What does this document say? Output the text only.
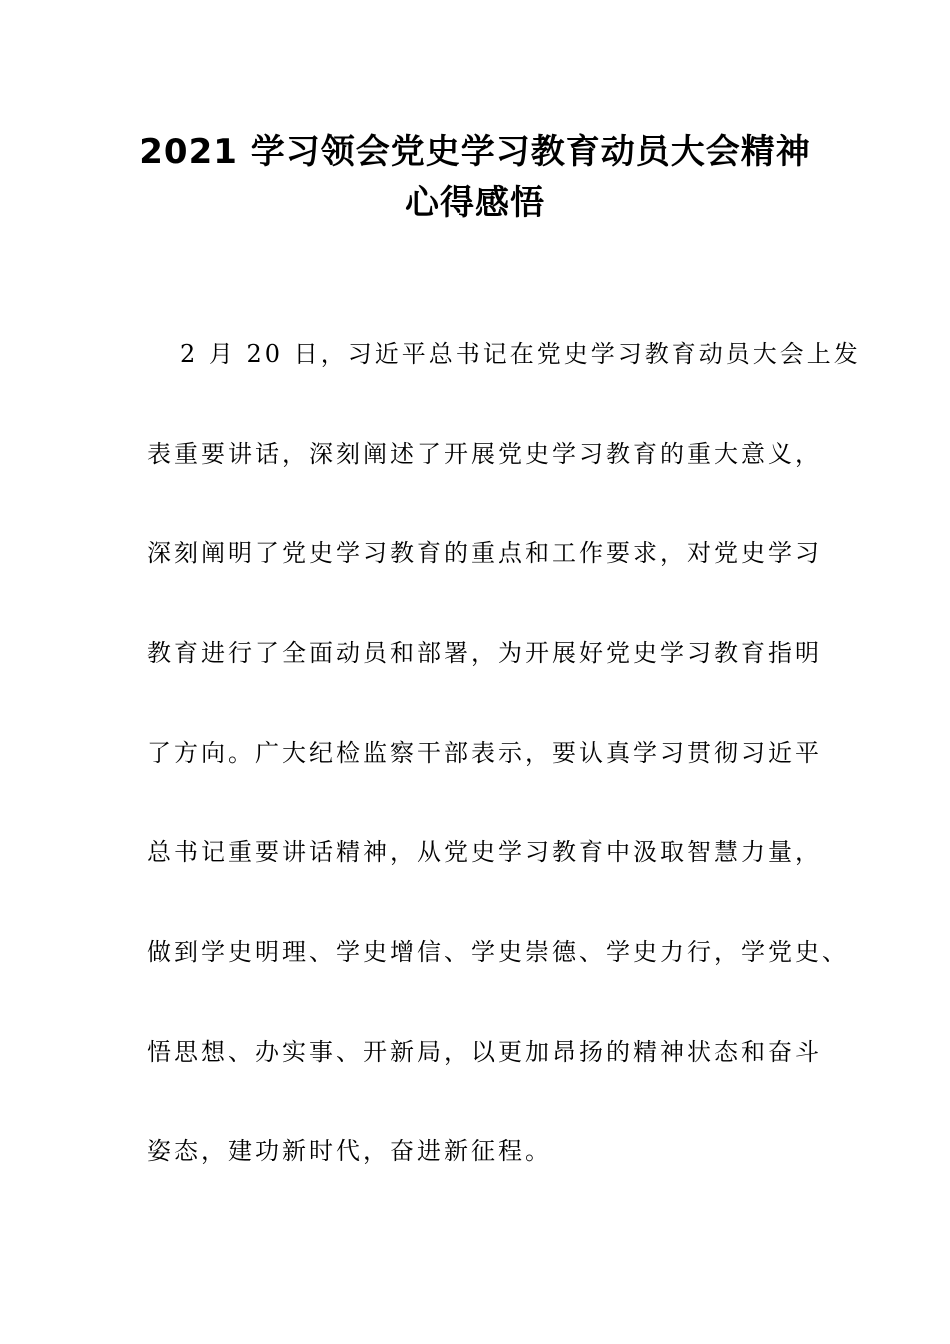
2021 学习领会党史学习教育动员大会精神
心得感悟
2 月 20 日，习近平总书记在党史学习教育动员大会上发
表重要讲话，深刻阐述了开展党史学习教育的重大意义，
深刻阐明了党史学习教育的重点和工作要求，对党史学习
教育进行了全面动员和部署，为开展好党史学习教育指明
了方向。广大纪检监察干部表示，要认真学习贯彻习近平
总书记重要讲话精神，从党史学习教育中汲取智慧力量，
做到学史明理、学史增信、学史崇德、学史力行，学党史、
悟思想、办实事、开新局，以更加昂扬的精神状态和奋斗
姿态，建功新时代，奋进新征程。
